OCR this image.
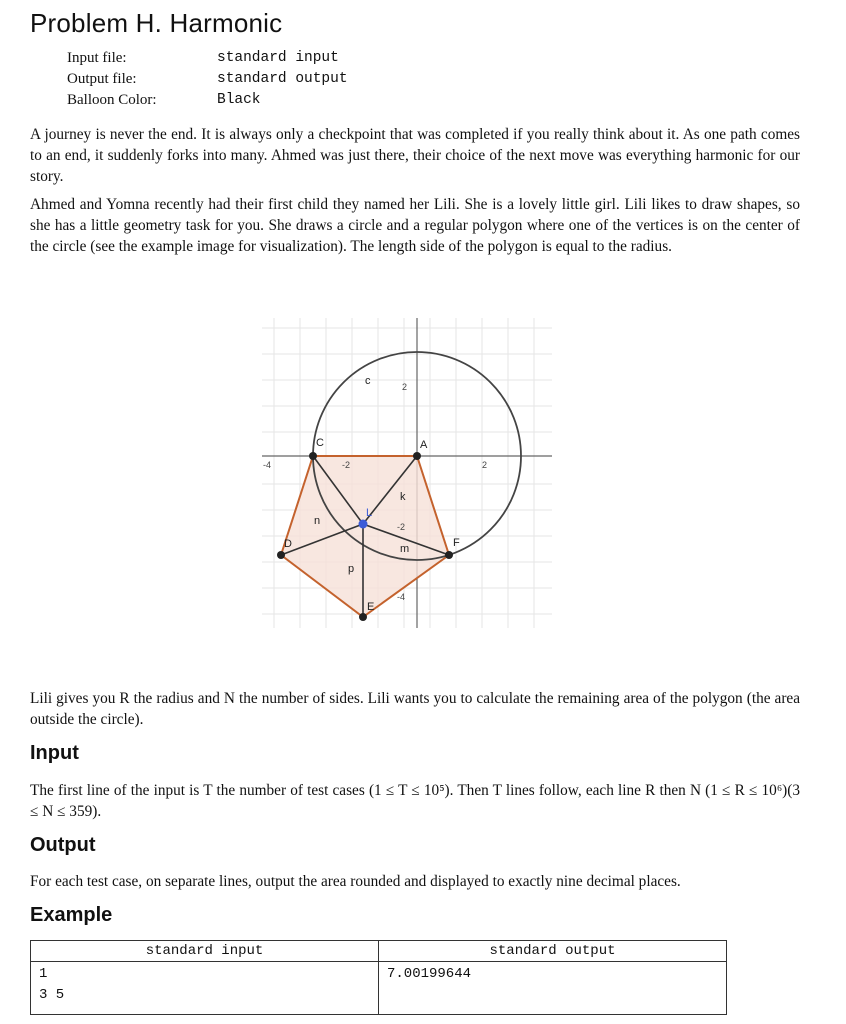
Problem H. Harmonic
Input file:	standard input
Output file:	standard output
Balloon Color:	Black
A journey is never the end. It is always only a checkpoint that was completed if you really think about it. As one path comes to an end, it suddenly forks into many. Ahmed was just there, their choice of the next move was everything harmonic for our story.
Ahmed and Yomna recently had their first child they named her Lili. She is a lovely little girl. Lili likes to draw shapes, so she has a little geometry task for you. She draws a circle and a regular polygon where one of the vertices is on the center of the circle (see the example image for visualization). The length side of the polygon is equal to the radius.
C	A
D	F
E
L
c
k
n
m
p
-4	-2	2
-2
-4
2
Lili gives you R the radius and N the number of sides. Lili wants you to calculate the remaining area of the polygon (the area outside the circle).
Input
The first line of the input is T the number of test cases (1 ≤ T ≤ 10⁵). Then T lines follow, each line R then N (1 ≤ R ≤ 10⁶)(3 ≤ N ≤ 359).
Output
For each test case, on separate lines, output the area rounded and displayed to exactly nine decimal places.
Example
standard input	standard output

1
3 5	7.00199644
